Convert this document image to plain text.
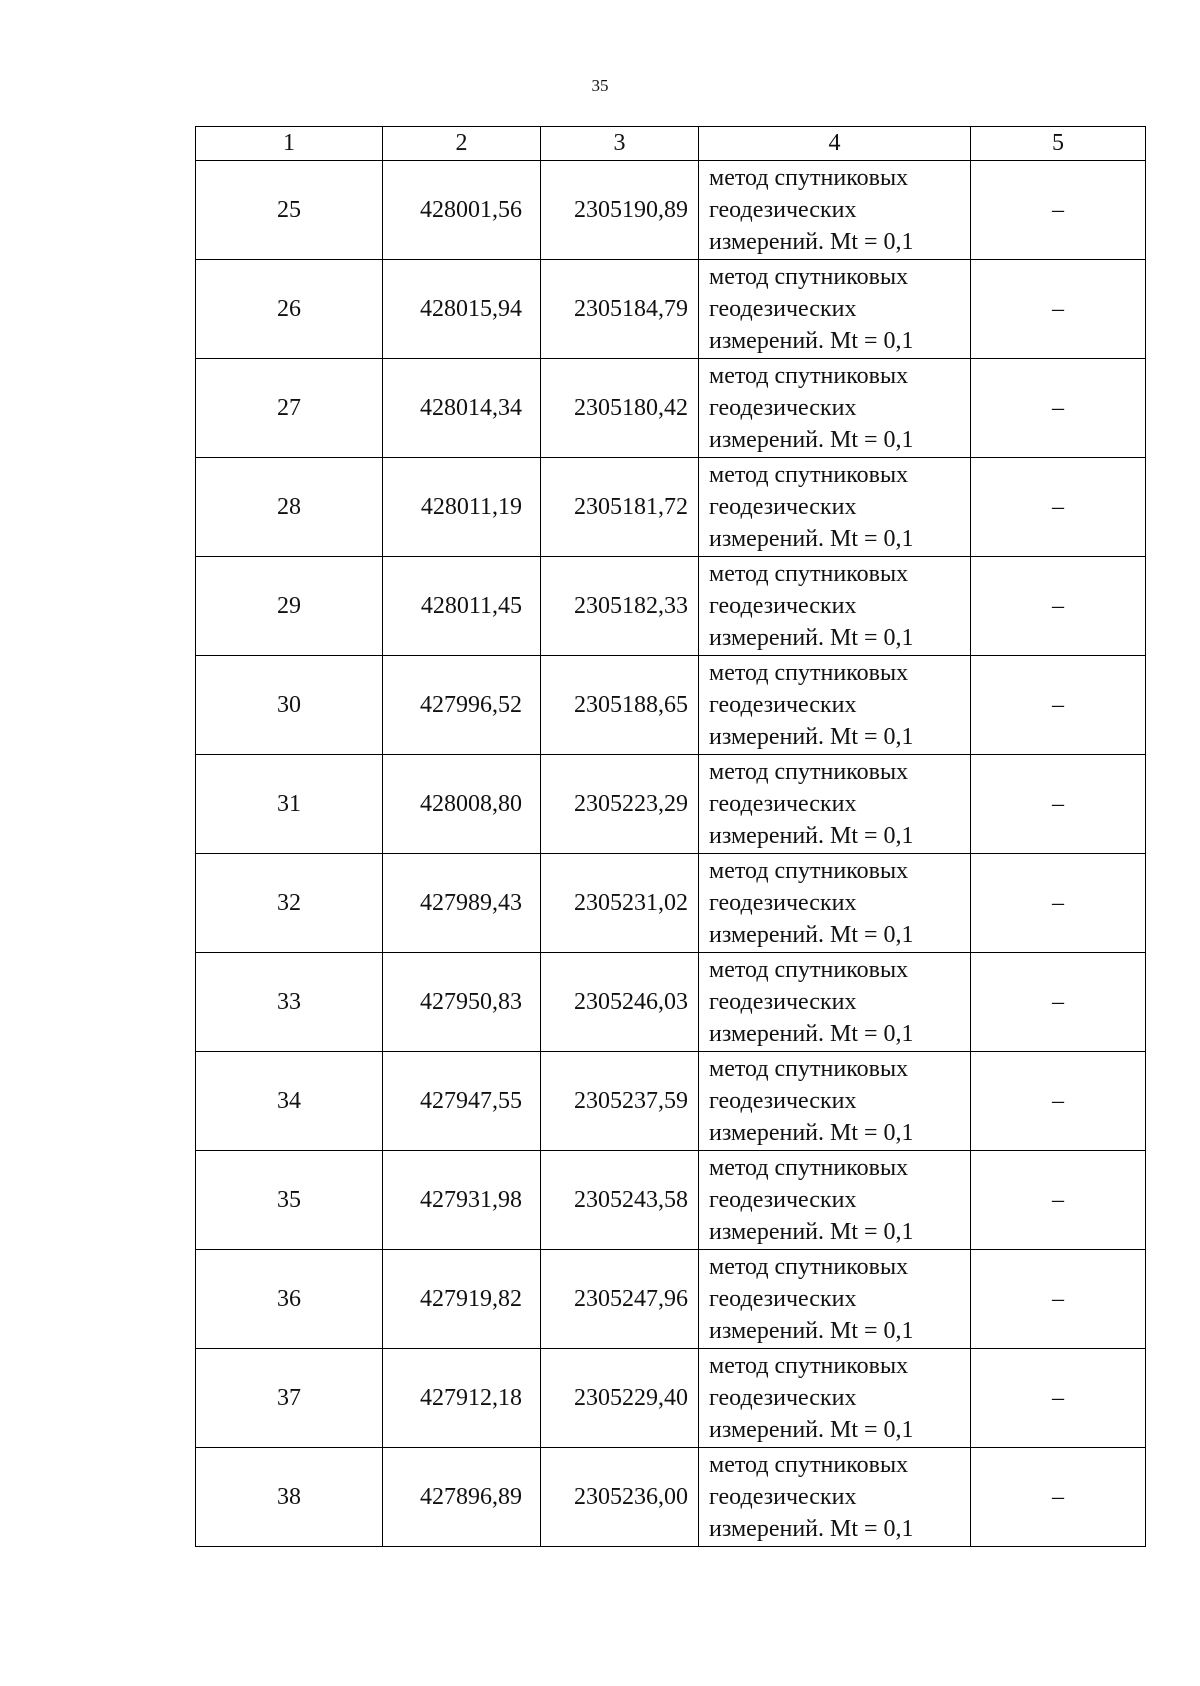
35
1	2	3	4	5
25	428001,56	2305190,89	метод спутниковых
геодезических
измерений. Mt = 0,1	–
26	428015,94	2305184,79	метод спутниковых
геодезических
измерений. Mt = 0,1	–
27	428014,34	2305180,42	метод спутниковых
геодезических
измерений. Mt = 0,1	–
28	428011,19	2305181,72	метод спутниковых
геодезических
измерений. Mt = 0,1	–
29	428011,45	2305182,33	метод спутниковых
геодезических
измерений. Mt = 0,1	–
30	427996,52	2305188,65	метод спутниковых
геодезических
измерений. Mt = 0,1	–
31	428008,80	2305223,29	метод спутниковых
геодезических
измерений. Mt = 0,1	–
32	427989,43	2305231,02	метод спутниковых
геодезических
измерений. Mt = 0,1	–
33	427950,83	2305246,03	метод спутниковых
геодезических
измерений. Mt = 0,1	–
34	427947,55	2305237,59	метод спутниковых
геодезических
измерений. Mt = 0,1	–
35	427931,98	2305243,58	метод спутниковых
геодезических
измерений. Mt = 0,1	–
36	427919,82	2305247,96	метод спутниковых
геодезических
измерений. Mt = 0,1	–
37	427912,18	2305229,40	метод спутниковых
геодезических
измерений. Mt = 0,1	–
38	427896,89	2305236,00	метод спутниковых
геодезических
измерений. Mt = 0,1	–
